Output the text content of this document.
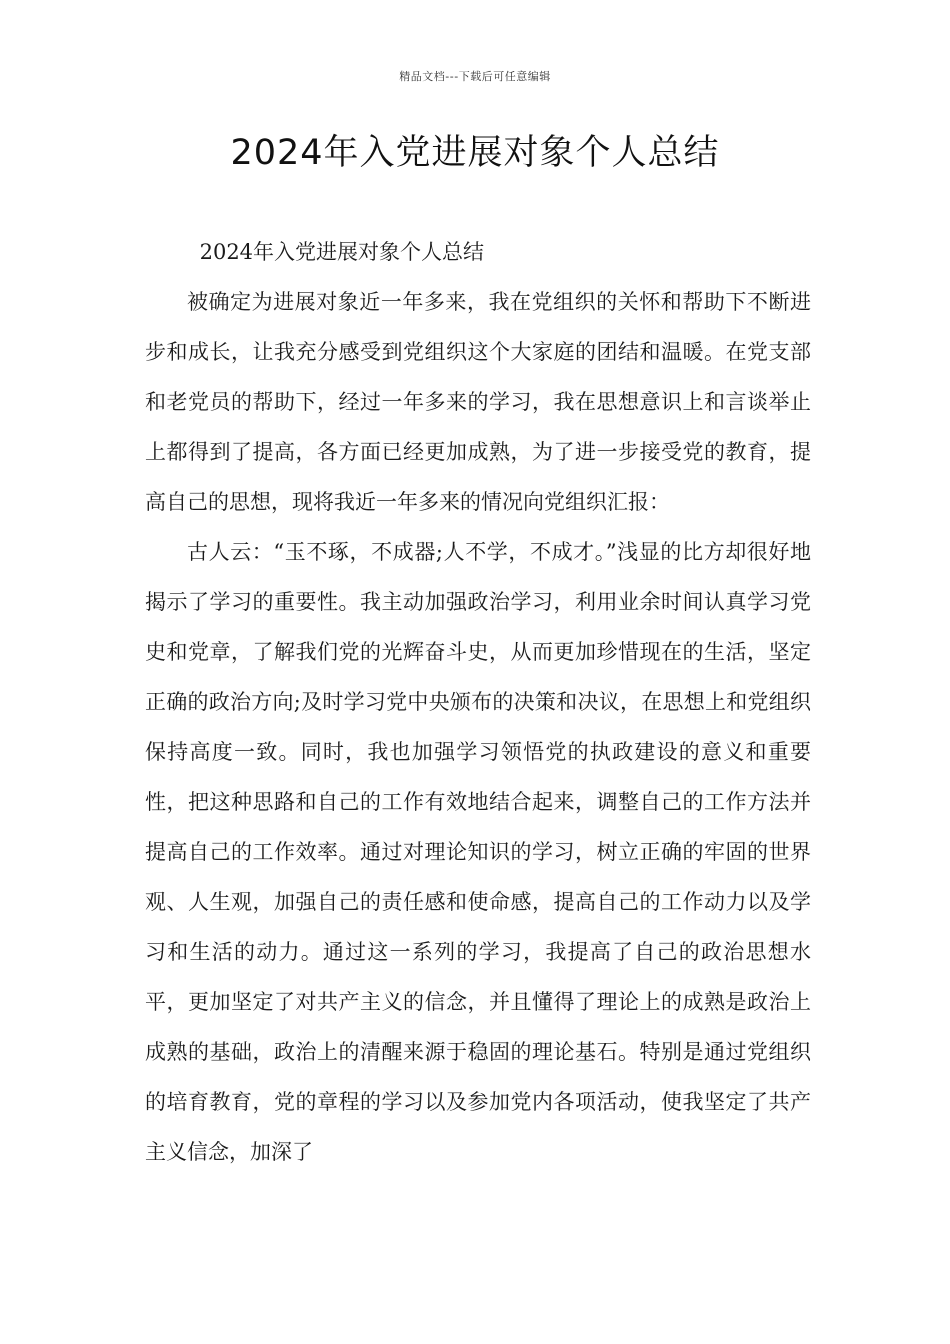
精品文档---下载后可任意编辑
2024年入党进展对象个人总结

2024年入党进展对象个人总结

被确定为进展对象近一年多来，我在党组织的关怀和帮助下不断进步和成长，让我充分感受到党组织这个大家庭的团结和温暖。在党支部和老党员的帮助下，经过一年多来的学习，我在思想意识上和言谈举止上都得到了提高，各方面已经更加成熟，为了进一步接受党的教育，提高自己的思想，现将我近一年多来的情况向党组织汇报：

古人云：“玉不琢，不成器;人不学，不成才。”浅显的比方却很好地揭示了学习的重要性。我主动加强政治学习，利用业余时间认真学习党史和党章，了解我们党的光辉奋斗史，从而更加珍惜现在的生活，坚定正确的政治方向;及时学习党中央颁布的决策和决议，在思想上和党组织保持高度一致。同时，我也加强学习领悟党的执政建设的意义和重要性，把这种思路和自己的工作有效地结合起来，调整自己的工作方法并提高自己的工作效率。通过对理论知识的学习，树立正确的牢固的世界观、人生观，加强自己的责任感和使命感，提高自己的工作动力以及学习和生活的动力。通过这一系列的学习，我提高了自己的政治思想水平，更加坚定了对共产主义的信念，并且懂得了理论上的成熟是政治上成熟的基础，政治上的清醒来源于稳固的理论基石。特别是通过党组织的培育教育，党的章程的学习以及参加党内各项活动，使我坚定了共产主义信念，加深了
